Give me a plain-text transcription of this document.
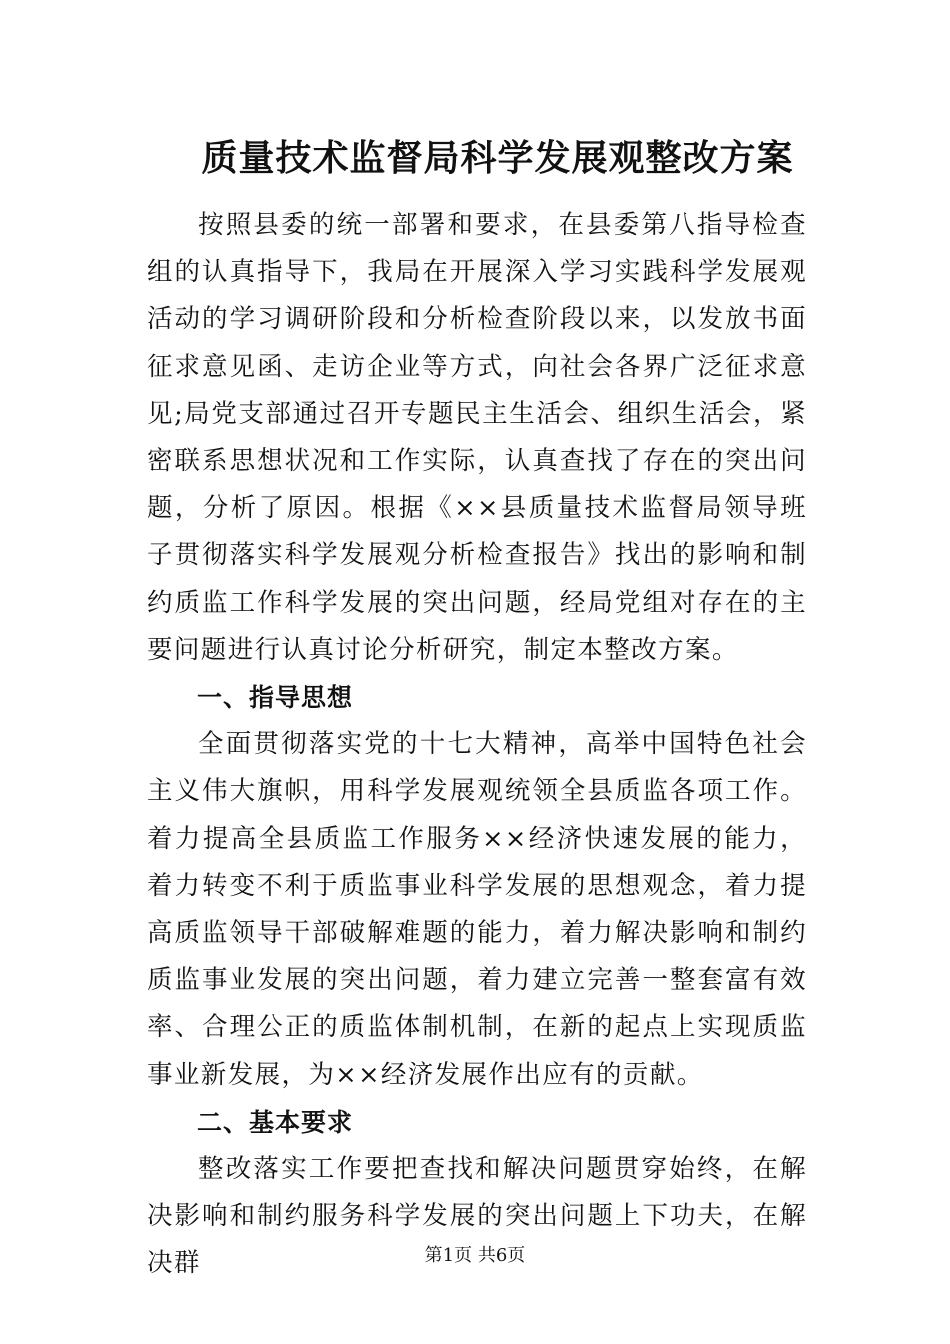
质量技术监督局科学发展观整改方案

按照县委的统一部署和要求，在县委第八指导检查组的认真指导下，我局在开展深入学习实践科学发展观活动的学习调研阶段和分析检查阶段以来，以发放书面征求意见函、走访企业等方式，向社会各界广泛征求意见;局党支部通过召开专题民主生活会、组织生活会，紧密联系思想状况和工作实际，认真查找了存在的突出问题，分析了原因。根据《××县质量技术监督局领导班子贯彻落实科学发展观分析检查报告》找出的影响和制约质监工作科学发展的突出问题，经局党组对存在的主要问题进行认真讨论分析研究，制定本整改方案。

一、指导思想

全面贯彻落实党的十七大精神，高举中国特色社会主义伟大旗帜，用科学发展观统领全县质监各项工作。着力提高全县质监工作服务××经济快速发展的能力，着力转变不利于质监事业科学发展的思想观念，着力提高质监领导干部破解难题的能力，着力解决影响和制约质监事业发展的突出问题，着力建立完善一整套富有效率、合理公正的质监体制机制，在新的起点上实现质监事业新发展，为××经济发展作出应有的贡献。

二、基本要求

整改落实工作要把查找和解决问题贯穿始终，在解决影响和制约服务科学发展的突出问题上下功夫，在解决群	第1页 共6页
